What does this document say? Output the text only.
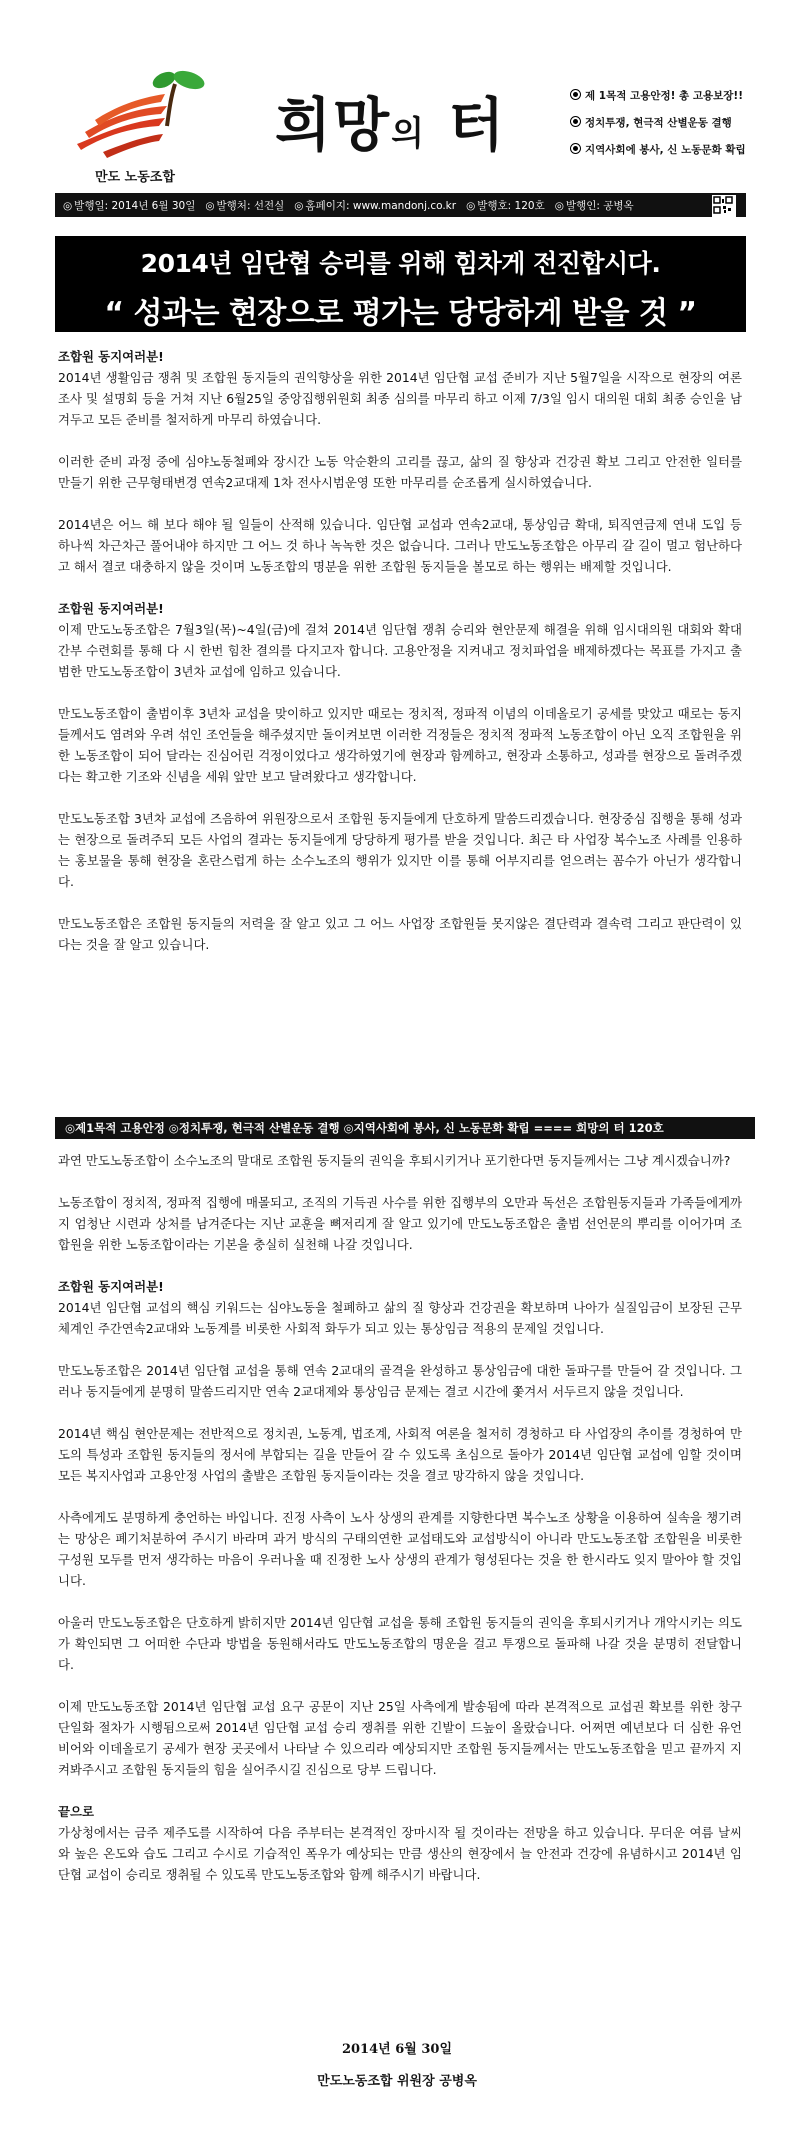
만도 노동조합
희망의 터	제 1목적 고용안정! 총 고용보장!!
정치투쟁, 현극적 산별운동 결행
지역사회에 봉사, 신 노동문화 확립
◎ 발행일: 2014년 6월 30일	◎ 발행처: 선전실	◎ 홈페이지: www.mandonj.co.kr	◎ 발행호: 120호	◎ 발행인: 공병옥
2014년 임단협 승리를 위해 힘차게 전진합시다.
“ 성과는 현장으로 평가는 당당하게 받을 것 ”

조합원 동지여러분!

2014년 생활임금 쟁취 및 조합원 동지들의 권익향상을 위한 2014년 임단협 교섭 준비가 지난 5월7일을 시작으로 현장의 여론조사 및 설명회 등을 거쳐 지난 6월25일 중앙집행위원회 최종 심의를 마무리 하고 이제 7/3일 임시 대의원 대회 최종 승인을 남겨두고 모든 준비를 철저하게 마무리 하였습니다.

이러한 준비 과정 중에 심야노동철폐와 장시간 노동 악순환의 고리를 끊고, 삶의 질 향상과 건강권 확보 그리고 안전한 일터를 만들기 위한 근무형태변경 연속2교대제 1차 전사시범운영 또한 마무리를 순조롭게 실시하였습니다.

2014년은 어느 해 보다 해야 될 일들이 산적해 있습니다. 임단협 교섭과 연속2교대, 통상임금 확대, 퇴직연금제 연내 도입 등 하나씩 차근차근 풀어내야 하지만 그 어느 것 하나 녹녹한 것은 없습니다. 그러나 만도노동조합은 아무리 갈 길이 멀고 험난하다고 해서 결코 대충하지 않을 것이며 노동조합의 명분을 위한 조합원 동지들을 볼모로 하는 행위는 배제할 것입니다.

조합원 동지여러분!

이제 만도노동조합은 7월3일(목)~4일(금)에 걸쳐 2014년 임단협 쟁취 승리와 현안문제 해결을 위해 임시대의원 대회와 확대간부 수련회를 통해 다 시 한번 힘찬 결의를 다지고자 합니다. 고용안정을 지켜내고 정치파업을 배제하겠다는 목표를 가지고 출범한 만도노동조합이 3년차 교섭에 임하고 있습니다.

만도노동조합이 출범이후 3년차 교섭을 맞이하고 있지만 때로는 정치적, 정파적 이념의 이데올로기 공세를 맞았고 때로는 동지들께서도 염려와 우려 섞인 조언들을 해주셨지만 돌이켜보면 이러한 걱정들은 정치적 정파적 노동조합이 아닌 오직 조합원을 위한 노동조합이 되어 달라는 진심어린 걱정이었다고 생각하였기에 현장과 함께하고, 현장과 소통하고, 성과를 현장으로 돌려주겠다는 확고한 기조와 신념을 세워 앞만 보고 달려왔다고 생각합니다.

만도노동조합 3년차 교섭에 즈음하여 위원장으로서 조합원 동지들에게 단호하게 말씀드리겠습니다. 현장중심 집행을 통해 성과는 현장으로 돌려주되 모든 사업의 결과는 동지들에게 당당하게 평가를 받을 것입니다. 최근 타 사업장 복수노조 사례를 인용하는 홍보물을 통해 현장을 혼란스럽게 하는 소수노조의 행위가 있지만 이를 통해 어부지리를 얻으려는 꼼수가 아닌가 생각합니다.

만도노동조합은 조합원 동지들의 저력을 잘 알고 있고 그 어느 사업장 조합원들 못지않은 결단력과 결속력 그리고 판단력이 있다는 것을 잘 알고 있습니다.

◎제1목적 고용안정 ◎정치투쟁, 현극적 산별운동 결행 ◎지역사회에 봉사, 신 노동문화 확립 ==== 희망의 터 120호

과연 만도노동조합이 소수노조의 말대로 조합원 동지들의 권익을 후퇴시키거나 포기한다면 동지들께서는 그냥 계시겠습니까?

노동조합이 정치적, 정파적 집행에 매몰되고, 조직의 기득권 사수를 위한 집행부의 오만과 독선은 조합원동지들과 가족들에게까지 엄청난 시련과 상처를 남겨준다는 지난 교훈을 뼈저리게 잘 알고 있기에 만도노동조합은 출범 선언문의 뿌리를 이어가며 조합원을 위한 노동조합이라는 기본을 충실히 실천해 나갈 것입니다.

조합원 동지여러분!

2014년 임단협 교섭의 핵심 키워드는 심야노동을 철폐하고 삶의 질 향상과 건강권을 확보하며 나아가 실질임금이 보장된 근무체계인 주간연속2교대와 노동계를 비롯한 사회적 화두가 되고 있는 통상임금 적용의 문제일 것입니다.

만도노동조합은 2014년 임단협 교섭을 통해 연속 2교대의 골격을 완성하고 통상임금에 대한 돌파구를 만들어 갈 것입니다. 그러나 동지들에게 분명히 말씀드리지만 연속 2교대제와 통상임금 문제는 결코 시간에 쫓겨서 서두르지 않을 것입니다.

2014년 핵심 현안문제는 전반적으로 정치권, 노동계, 법조계, 사회적 여론을 철저히 경청하고 타 사업장의 추이를 경청하여 만도의 특성과 조합원 동지들의 정서에 부합되는 길을 만들어 갈 수 있도록 초심으로 돌아가 2014년 임단협 교섭에 임할 것이며 모든 복지사업과 고용안정 사업의 출발은 조합원 동지들이라는 것을 결코 망각하지 않을 것입니다.

사측에게도 분명하게 충언하는 바입니다. 진정 사측이 노사 상생의 관계를 지향한다면 복수노조 상황을 이용하여 실속을 챙기려는 망상은 폐기처분하여 주시기 바라며 과거 방식의 구태의연한 교섭태도와 교섭방식이 아니라 만도노동조합 조합원을 비롯한 구성원 모두를 먼저 생각하는 마음이 우러나올 때 진정한 노사 상생의 관계가 형성된다는 것을 한 한시라도 잊지 말아야 할 것입니다.

아울러 만도노동조합은 단호하게 밝히지만 2014년 임단협 교섭을 통해 조합원 동지들의 권익을 후퇴시키거나 개악시키는 의도가 확인되면 그 어떠한 수단과 방법을 동원해서라도 만도노동조합의 명운을 걸고 투쟁으로 돌파해 나갈 것을 분명히 전달합니다.

이제 만도노동조합 2014년 임단협 교섭 요구 공문이 지난 25일 사측에게 발송됨에 따라 본격적으로 교섭권 확보를 위한 창구 단일화 절차가 시행됨으로써 2014년 임단협 교섭 승리 쟁취를 위한 긴발이 드높이 올랐습니다. 어쩌면 예년보다 더 심한 유언비어와 이데올로기 공세가 현장 곳곳에서 나타날 수 있으리라 예상되지만 조합원 동지들께서는 만도노동조합을 믿고 끝까지 지켜봐주시고 조합원 동지들의 힘을 실어주시길 진심으로 당부 드립니다.

끝으로

가상청에서는 금주 제주도를 시작하여 다음 주부터는 본격적인 장마시작 될 것이라는 전망을 하고 있습니다. 무더운 여름 날씨와 높은 온도와 습도 그리고 수시로 기습적인 폭우가 예상되는 만큼 생산의 현장에서 늘 안전과 건강에 유념하시고 2014년 임단협 교섭이 승리로 쟁취될 수 있도록 만도노동조합와 함께 해주시기 바랍니다.

2014년 6월 30일
만도노동조합 위원장 공병옥
